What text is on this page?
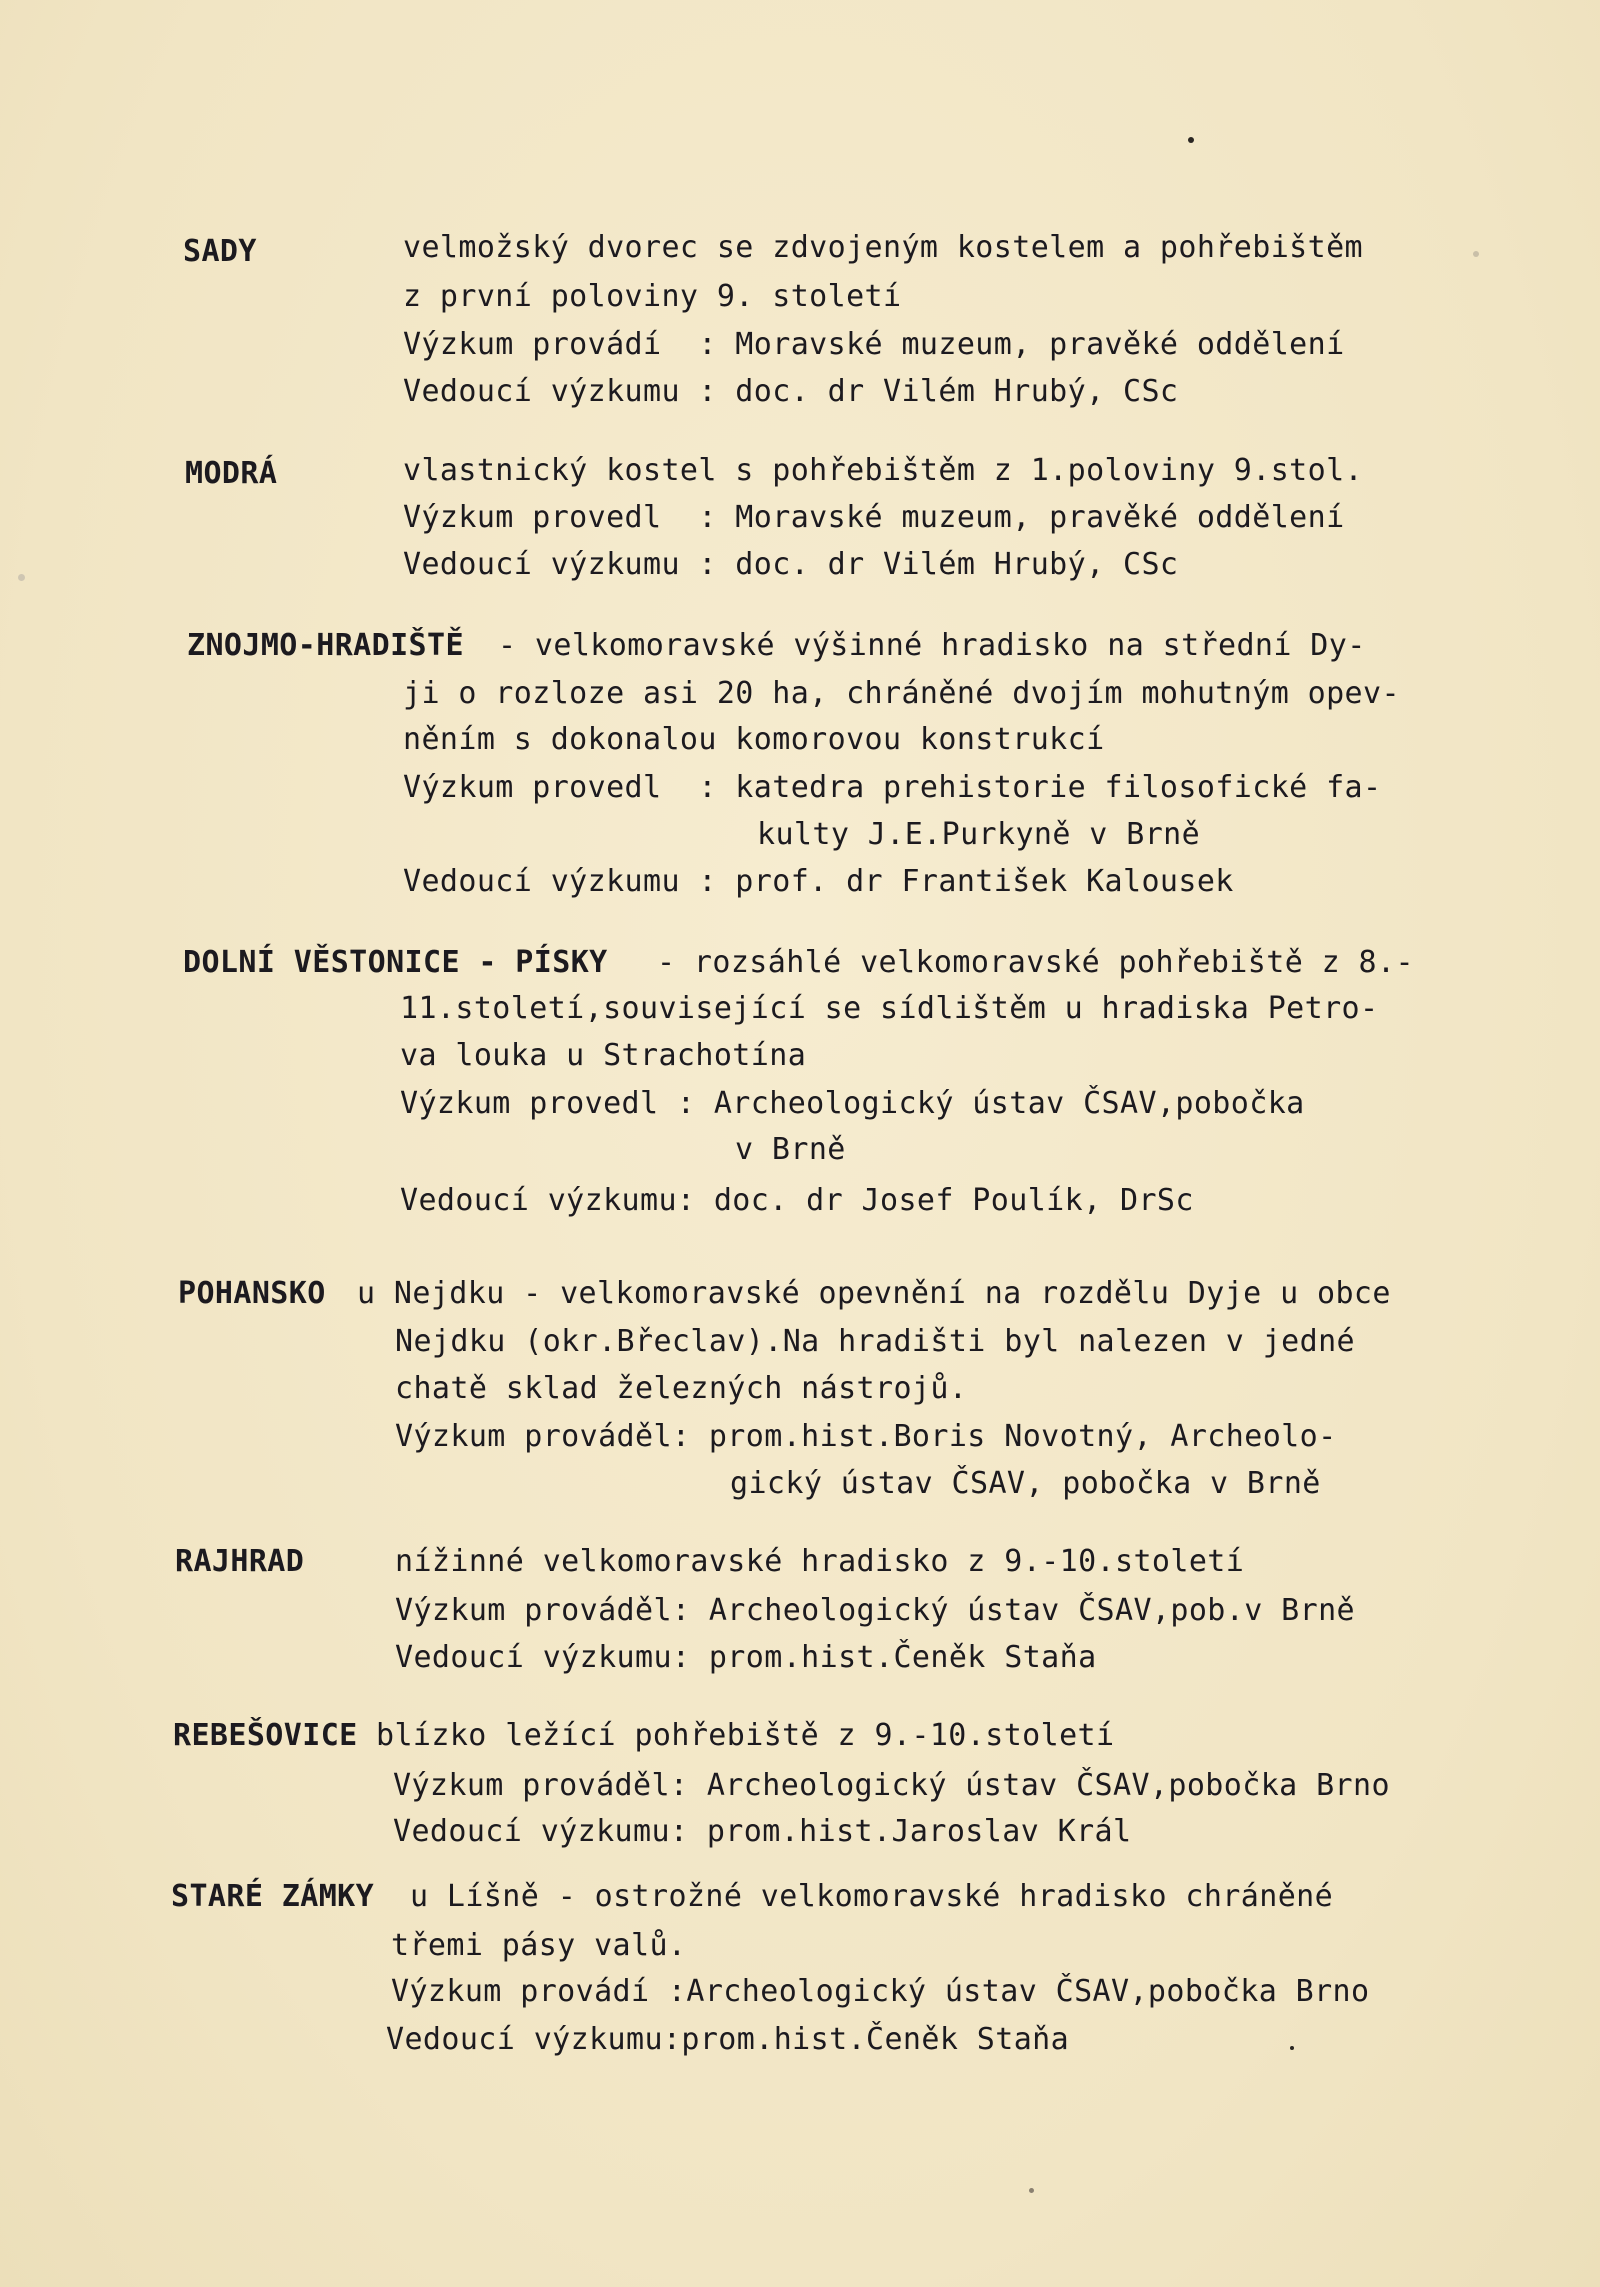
SADY	velmožský dvorec se zdvojeným kostelem a pohřebištěm

z první poloviny 9. století

Výzkum provádí  : Moravské muzeum, pravěké oddělení

Vedoucí výzkumu : doc. dr Vilém Hrubý, CSc

MODRÁ	vlastnický kostel s pohřebištěm z 1.poloviny 9.stol.

Výzkum provedl  : Moravské muzeum, pravěké oddělení

Vedoucí výzkumu : doc. dr Vilém Hrubý, CSc

ZNOJMO-HRADIŠTĚ - velkomoravské výšinné hradisko na střední Dy-

ji o rozloze asi 20 ha, chráněné dvojím mohutným opev-

něním s dokonalou komorovou konstrukcí

Výzkum provedl  : katedra prehistorie filosofické fa-

kulty J.E.Purkyně v Brně

Vedoucí výzkumu : prof. dr František Kalousek

DOLNÍ VĚSTONICE - PÍSKY - rozsáhlé velkomoravské pohřebiště z 8.-

11.století,související se sídlištěm u hradiska Petro-

va louka u Strachotína

Výzkum provedl : Archeologický ústav ČSAV,pobočka

v Brně

Vedoucí výzkumu: doc. dr Josef Poulík, DrSc

POHANSKO u Nejdku - velkomoravské opevnění na rozdělu Dyje u obce

Nejdku (okr.Břeclav).Na hradišti byl nalezen v jedné

chatě sklad železných nástrojů.

Výzkum prováděl: prom.hist.Boris Novotný, Archeolo-

gický ústav ČSAV, pobočka v Brně

RAJHRAD	nížinné velkomoravské hradisko z 9.-10.století

Výzkum prováděl: Archeologický ústav ČSAV,pob.v Brně

Vedoucí výzkumu: prom.hist.Čeněk Staňa

REBEŠOVICE blízko ležící pohřebiště z 9.-10.století

Výzkum prováděl: Archeologický ústav ČSAV,pobočka Brno

Vedoucí výzkumu: prom.hist.Jaroslav Král

STARÉ ZÁMKY u Líšně - ostrožné velkomoravské hradisko chráněné

třemi pásy valů.

Výzkum provádí :Archeologický ústav ČSAV,pobočka Brno

Vedoucí výzkumu:prom.hist.Čeněk Staňa
